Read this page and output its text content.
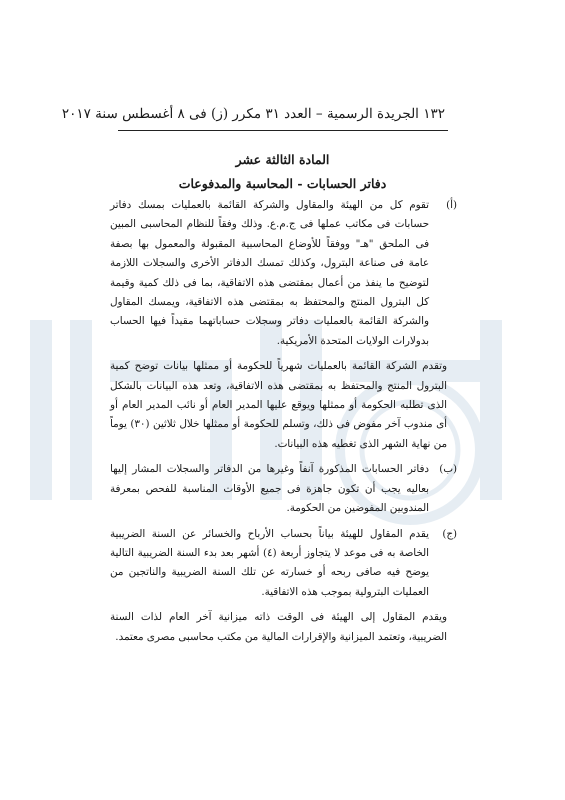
١٣٢ الجريدة الرسمية – العدد ٣١ مكرر (ز) فى ٨ أغسطس سنة ٢٠١٧
المادة الثالثة عشر
دفاتر الحسابات - المحاسبة والمدفوعات

(أ)
تقوم كل من الهيئة والمقاول والشركة القائمة بالعمليات بمسك دفاتر حسابات فى مكاتب عملها فى ج.م.ع. وذلك وفقاً للنظام المحاسبى المبين فى الملحق "هـ" ووفقاً للأوضاع المحاسبية المقبولة والمعمول بها بصفة عامة فى صناعة البترول، وكذلك تمسك الدفاتر الأخرى والسجلات اللازمة لتوضيح ما ينفذ من أعمال بمقتضى هذه الاتفاقية، بما فى ذلك كمية وقيمة كل البترول المنتج والمحتفظ به بمقتضى هذه الاتفاقية، ويمسك المقاول والشركة القائمة بالعمليات دفاتر وسجلات حساباتهما مقيداً فيها الحساب بدولارات الولايات المتحدة الأمريكية.

وتقدم الشركة القائمة بالعمليات شهرياً للحكومة أو ممثلها بيانات توضح كمية البترول المنتج والمحتفظ به بمقتضى هذه الاتفاقية، وتعد هذه البيانات بالشكل الذى تطلبه الحكومة أو ممثلها ويوقع عليها المدير العام أو نائب المدير العام أو أى مندوب آخر مفوض فى ذلك، وتسلم للحكومة أو ممثلها خلال ثلاثين (٣٠) يوماً من نهاية الشهر الذى تغطيه هذه البيانات.

(ب)
دفاتر الحسابات المذكورة آنفاً وغيرها من الدفاتر والسجلات المشار إليها بعاليه يجب أن تكون جاهزة فى جميع الأوقات المناسبة للفحص بمعرفة المندوبين المفوضين من الحكومة.

(ج)
يقدم المقاول للهيئة بياناً بحساب الأرباح والخسائر عن السنة الضريبية الخاصة به فى موعد لا يتجاوز أربعة (٤) أشهر بعد بدء السنة الضريبية التالية يوضح فيه صافى ربحه أو خسارته عن تلك السنة الضريبية والناتجين من العمليات البترولية بموجب هذه الاتفاقية.

ويقدم المقاول إلى الهيئة فى الوقت ذاته ميزانية آخر العام لذات السنة الضريبية، وتعتمد الميزانية والإقرارات المالية من مكتب محاسبى مصرى معتمد.
